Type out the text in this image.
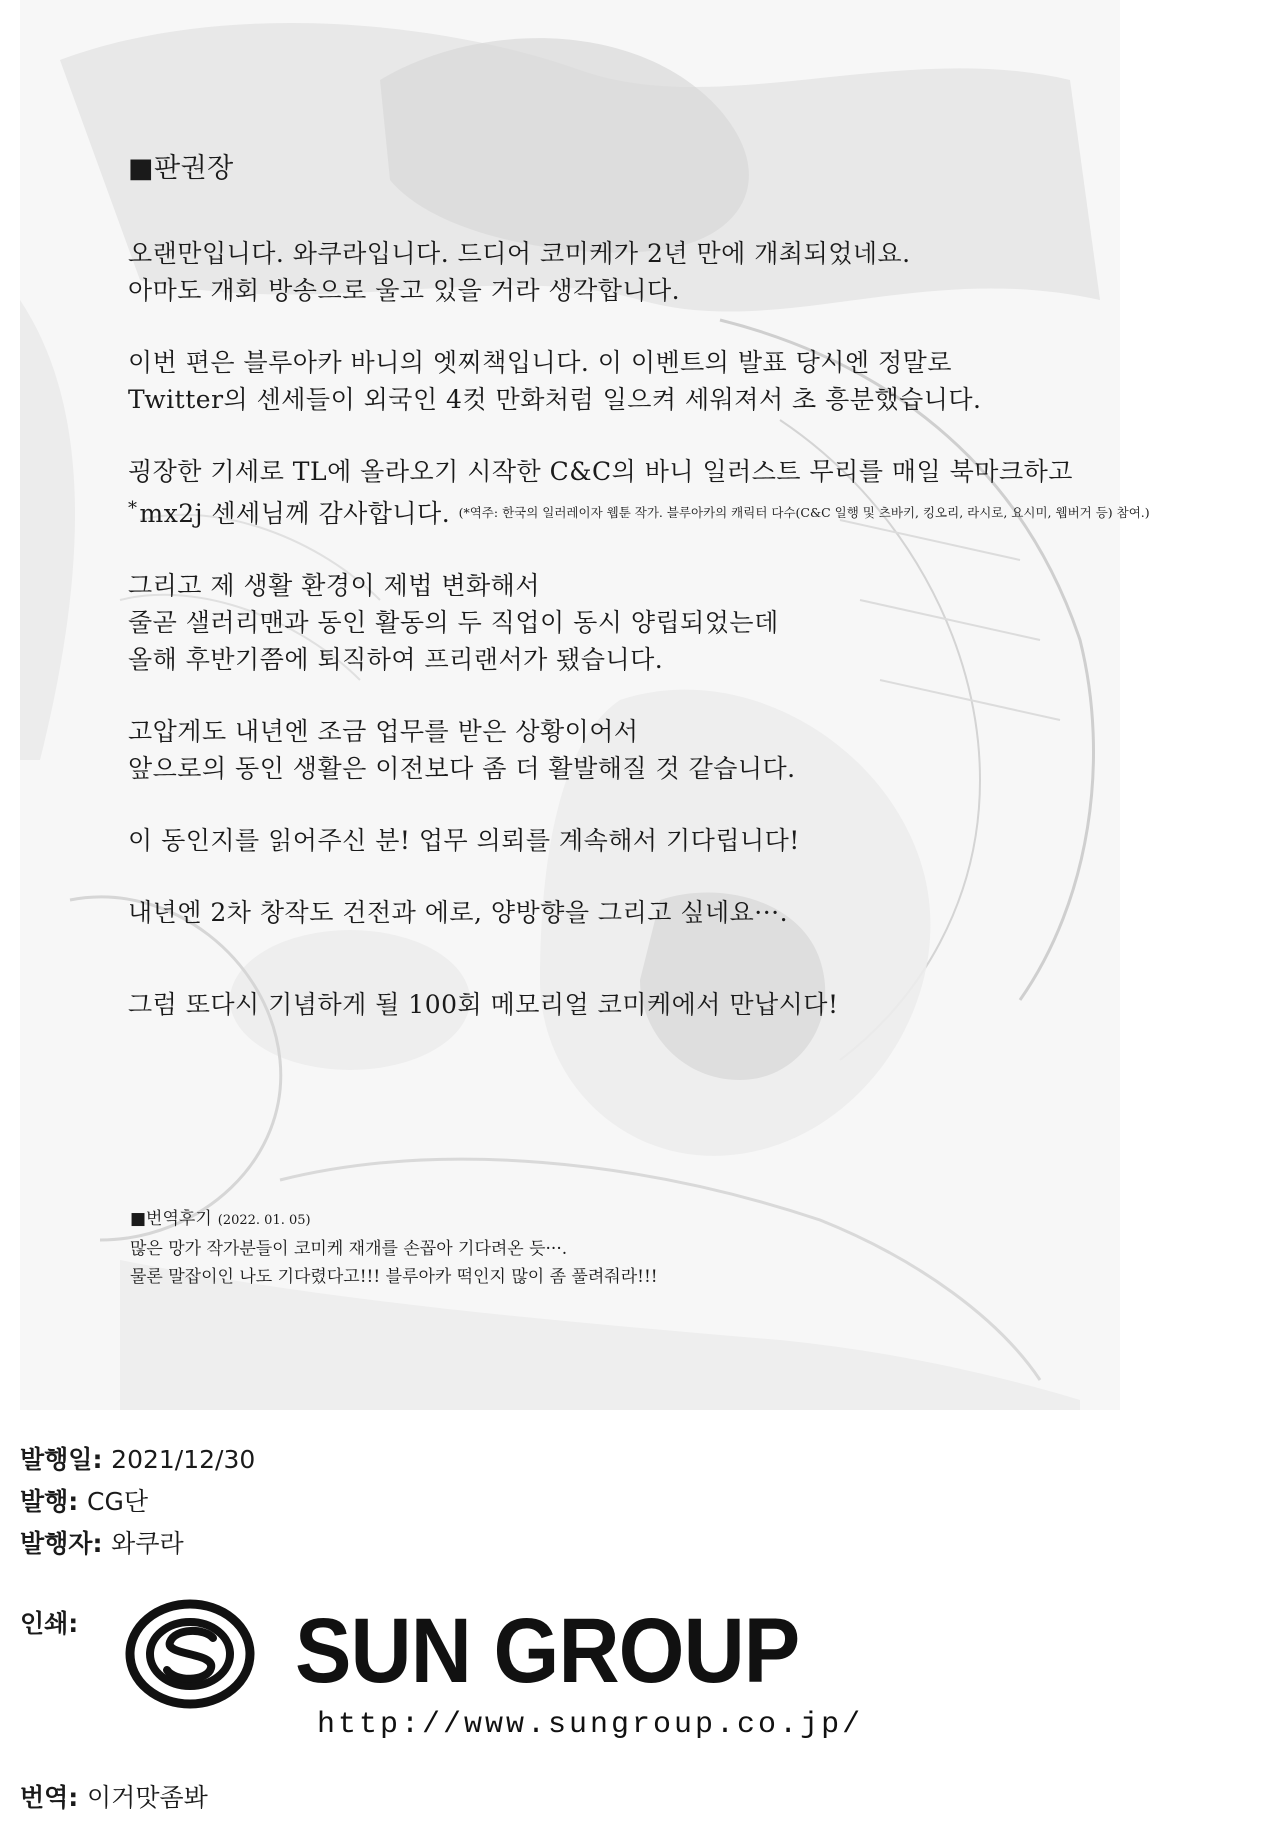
■판권장
오랜만입니다. 와쿠라입니다. 드디어 코미케가 2년 만에 개최되었네요.
아마도 개회 방송으로 울고 있을 거라 생각합니다.
이번 편은 블루아카 바니의 엣찌책입니다. 이 이벤트의 발표 당시엔 정말로
Twitter의 센세들이 외국인 4컷 만화처럼 일으켜 세워져서 초 흥분했습니다.
굉장한 기세로 TL에 올라오기 시작한 C&C의 바니 일러스트 무리를 매일 북마크하고
*mx2j 센세님께 감사합니다. $^{(*역주: 한국의 일러레이자 웹툰 작가. 블루아카의 캐릭터 다수(C\&C 일행 및 츠바키, 킹오리, 라시로, 요시미, 웹버거 등) 참여.)}$
그리고 제 생활 환경이 제법 변화해서
줄곧 샐러리맨과 동인 활동의 두 직업이 동시 양립되었는데
올해 후반기쯤에 퇴직하여 프리랜서가 됐습니다.
고압게도 내년엔 조금 업무를 받은 상황이어서
앞으로의 동인 생활은 이전보다 좀 더 활발해질 것 같습니다.
이 동인지를 읽어주신 분! 업무 의뢰를 계속해서 기다립니다!
내년엔 2차 창작도 건전과 에로, 양방향을 그리고 싶네요···.
그럼 또다시 기념하게 될 100회 메모리얼 코미케에서 만납시다!
■번역후기 (2022. 01. 05)
많은 망가 작가분들이 코미케 재개를 손꼽아 기다려온 듯···.
물론 말잡이인 나도 기다렸다고!!! 블루아카 떡인지 많이 좀 풀려줘라!!!
발행일: 2021/12/30
발행: CG단
발행자: 와쿠라
인쇄: SUN GROUP
http://www.sungroup.co.jp/
번역: 이거맛좀봐
